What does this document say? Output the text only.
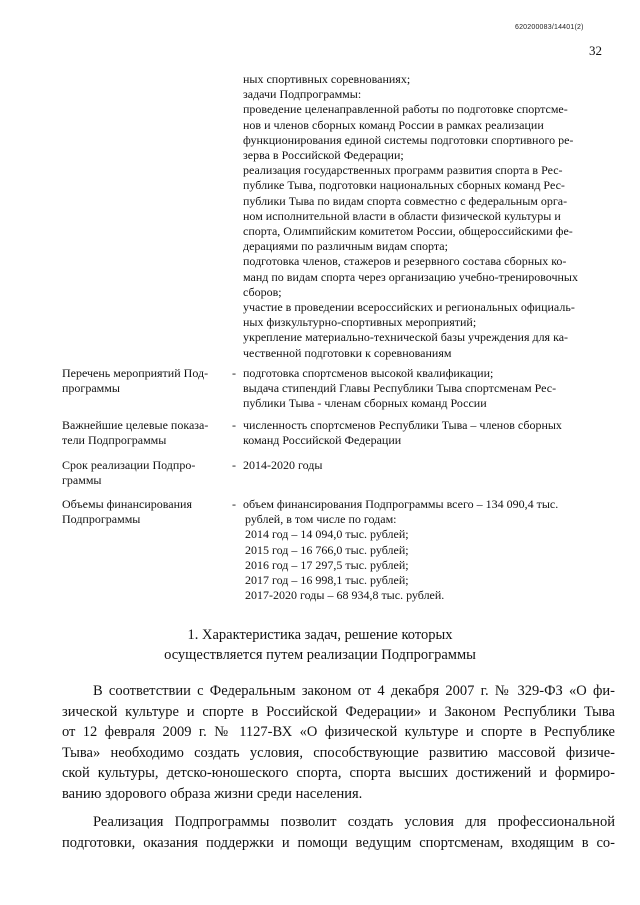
620200083/14401(2)
32
ных спортивных соревнованиях;
задачи Подпрограммы:
проведение целенаправленной работы по подготовке спортсме-
нов и членов сборных команд России в рамках реализации
функционирования единой системы подготовки спортивного ре-
зерва в Российской Федерации;
реализация государственных программ развития спорта в Рес-
публике Тыва, подготовки национальных сборных команд Рес-
публики Тыва по видам спорта совместно с федеральным орга-
ном исполнительной власти в области физической культуры и
спорта, Олимпийским комитетом России, общероссийскими фе-
дерациями по различным видам спорта;
подготовка членов, стажеров и резервного состава сборных ко-
манд по видам спорта через организацию учебно-тренировочных
сборов;
участие в проведении всероссийских и региональных официаль-
ных физкультурно-спортивных мероприятий;
укрепление материально-технической базы учреждения для ка-
чественной подготовки к соревнованиям
Перечень мероприятий Под-
программы
- подготовка спортсменов высокой квалификации;
выдача стипендий Главы Республики Тыва спортсменам Рес-
публики Тыва - членам сборных команд России
Важнейшие целевые показа-
тели Подпрограммы
- численность спортсменов Республики Тыва – членов сборных
команд Российской Федерации
Срок реализации Подпро-
граммы
- 2014-2020 годы
Объемы финансирования
Подпрограммы
- объем финансирования Подпрограммы всего – 134 090,4 тыс.
рублей, в том числе по годам:
2014 год – 14 094,0 тыс. рублей;
2015 год – 16 766,0 тыс. рублей;
2016 год – 17 297,5 тыс. рублей;
2017 год – 16 998,1 тыс. рублей;
2017-2020 годы – 68 934,8 тыс. рублей.
1. Характеристика задач, решение которых
осуществляется путем реализации Подпрограммы

В соответствии с Федеральным законом от 4 декабря 2007 г. № 329-ФЗ «О фи-
зической культуре и спорте в Российской Федерации» и Законом Республики Тыва
от 12 февраля 2009 г. № 1127-ВХ «О физической культуре и спорте в Республике
Тыва» необходимо создать условия, способствующие развитию массовой физиче-
ской культуры, детско-юношеского спорта, спорта высших достижений и формиро-
ванию здорового образа жизни среди населения.

Реализация Подпрограммы позволит создать условия для профессиональной
подготовки, оказания поддержки и помощи ведущим спортсменам, входящим в со-
